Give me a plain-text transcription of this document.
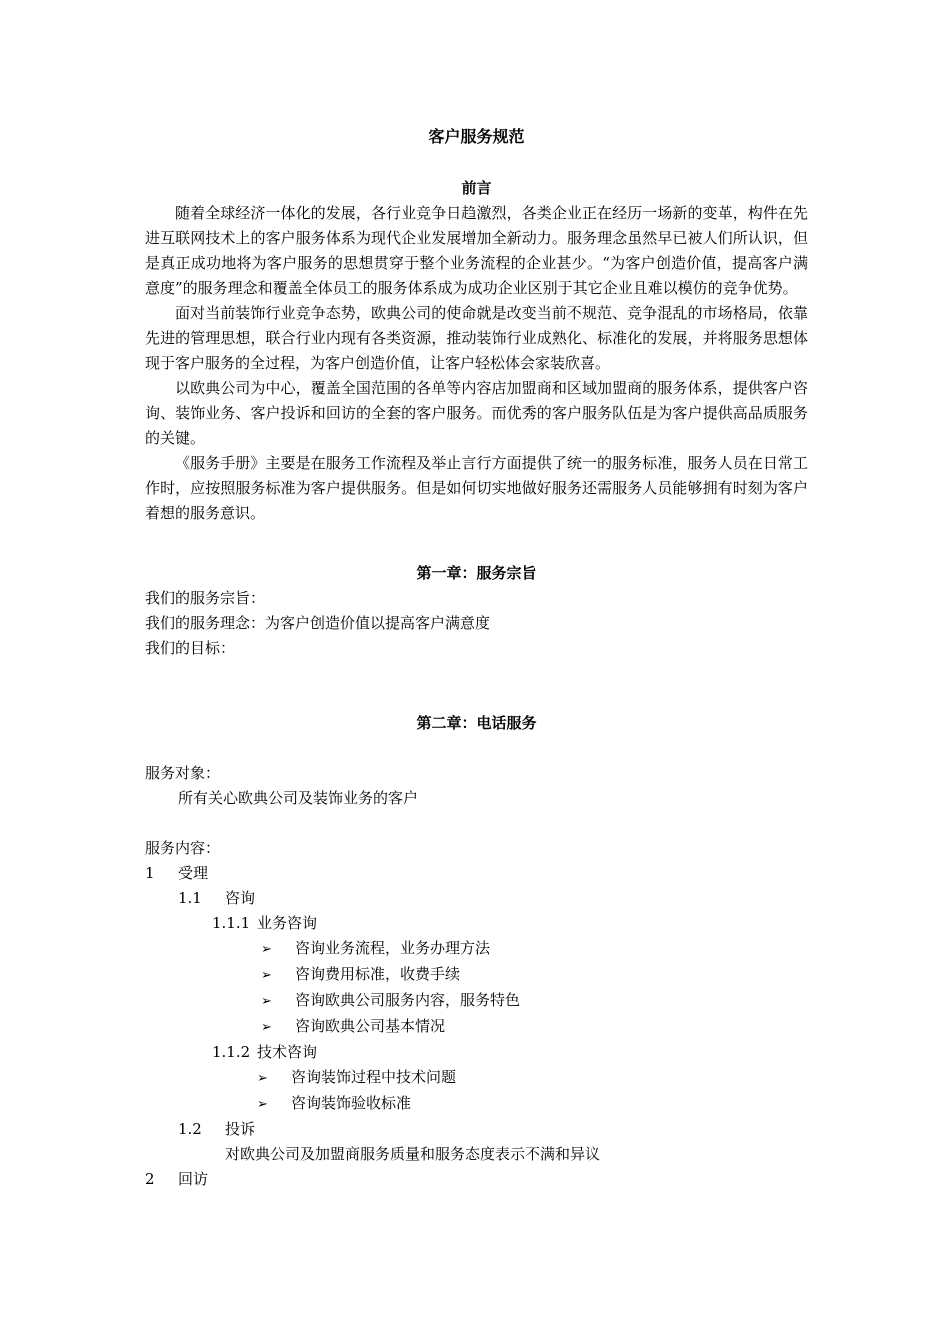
客户服务规范

前言

随着全球经济一体化的发展，各行业竞争日趋激烈，各类企业正在经历一场新的变革，构件在先进互联网技术上的客户服务体系为现代企业发展增加全新动力。服务理念虽然早已被人们所认识，但是真正成功地将为客户服务的思想贯穿于整个业务流程的企业甚少。“为客户创造价值，提高客户满意度”的服务理念和覆盖全体员工的服务体系成为成功企业区别于其它企业且难以模仿的竞争优势。

面对当前装饰行业竞争态势，欧典公司的使命就是改变当前不规范、竞争混乱的市场格局，依靠先进的管理思想，联合行业内现有各类资源，推动装饰行业成熟化、标准化的发展，并将服务思想体现于客户服务的全过程，为客户创造价值，让客户轻松体会家装欣喜。

以欧典公司为中心，覆盖全国范围的各单等内容店加盟商和区域加盟商的服务体系，提供客户咨询、装饰业务、客户投诉和回访的全套的客户服务。而优秀的客户服务队伍是为客户提供高品质服务的关键。

《服务手册》主要是在服务工作流程及举止言行方面提供了统一的服务标准，服务人员在日常工作时，应按照服务标准为客户提供服务。但是如何切实地做好服务还需服务人员能够拥有时刻为客户着想的服务意识。

第一章：服务宗旨

我们的服务宗旨：

我们的服务理念：为客户创造价值以提高客户满意度

我们的目标：

第二章：电话服务

服务对象：

所有关心欧典公司及装饰业务的客户

服务内容：

1 受理

1.1 咨询

1.1.1 业务咨询

➢ 咨询业务流程，业务办理方法

➢ 咨询费用标准，收费手续

➢ 咨询欧典公司服务内容，服务特色

➢ 咨询欧典公司基本情况

1.1.2 技术咨询

➢ 咨询装饰过程中技术问题

➢ 咨询装饰验收标准

1.2 投诉

对欧典公司及加盟商服务质量和服务态度表示不满和异议

2 回访
